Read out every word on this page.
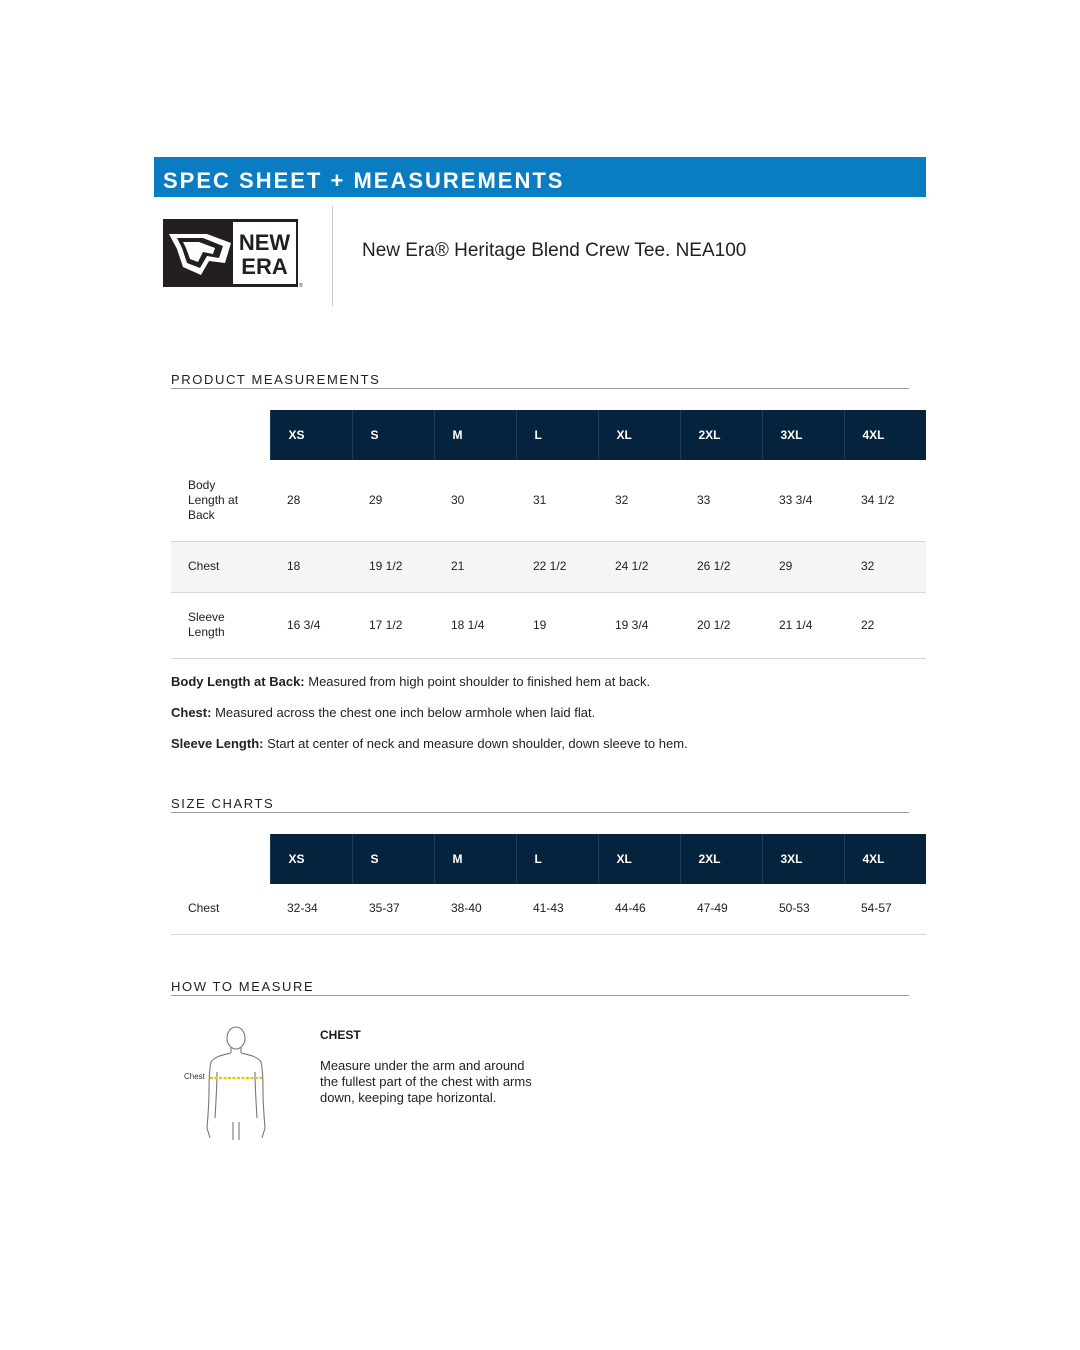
SPEC SHEET + MEASUREMENTS
NEW
ERA
®
New Era® Heritage Blend Crew Tee. NEA100
PRODUCT MEASUREMENTS
	XS	S	M	L	XL	2XL	3XL	4XL
Body Length at Back	28	29	30	31	32	33	33 3/4	34 1/2
Chest	18	19 1/2	21	22 1/2	24 1/2	26 1/2	29	32
Sleeve Length	16 3/4	17 1/2	18 1/4	19	19 3/4	20 1/2	21 1/4	22

Body Length at Back: Measured from high point shoulder to finished hem at back.

Chest: Measured across the chest one inch below armhole when laid flat.

Sleeve Length: Start at center of neck and measure down shoulder, down sleeve to hem.

SIZE CHARTS
	XS	S	M	L	XL	2XL	3XL	4XL
Chest	32-34	35-37	38-40	41-43	44-46	47-49	50-53	54-57
HOW TO MEASURE
Chest
CHEST
Measure under the arm and around the fullest part of the chest with arms down, keeping tape horizontal.
